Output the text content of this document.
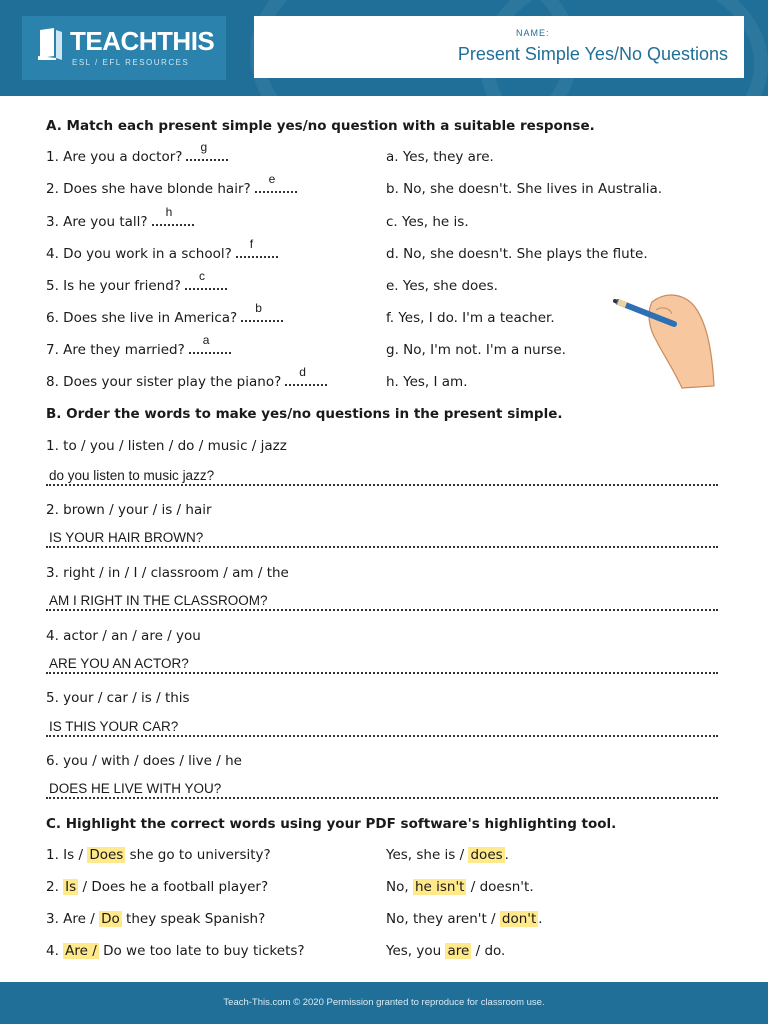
TEACHTHIS
ESL / EFL RESOURCES
NAME:
Present Simple Yes/No Questions
A. Match each present simple yes/no question with a suitable response.
1. Are you a doctor?
g
2. Does she have blonde hair?
e
3. Are you tall?
h
4. Do you work in a school?
f
5. Is he your friend?
c
6. Does she live in America?
b
7. Are they married?
a
8. Does your sister play the piano?
d
a. Yes, they are.
b. No, she doesn't. She lives in Australia.
c. Yes, he is.
d. No, she doesn't. She plays the flute.
e. Yes, she does.
f. Yes, I do. I'm a teacher.
g. No, I'm not. I'm a nurse.
h. Yes, I am.
B. Order the words to make yes/no questions in the present simple.
1. to / you / listen / do / music / jazz
do you listen to music jazz?
2. brown / your / is / hair
IS YOUR HAIR BROWN?
3. right / in / I / classroom / am / the
AM I RIGHT IN THE CLASSROOM?
4. actor / an / are / you
ARE YOU AN ACTOR?
5. your / car / is / this
IS THIS YOUR CAR?
6. you / with / does / live / he
DOES HE LIVE WITH YOU?
C. Highlight the correct words using your PDF software's highlighting tool.
1. Is / Does she go to university?
2. Is / Does he a football player?
3. Are / Do they speak Spanish?
4. Are / Do we too late to buy tickets?
Yes, she is / does .
No, he isn't / doesn't.
No, they aren't / don't .
Yes, you are / do.
Teach-This.com © 2020 Permission granted to reproduce for classroom use.
